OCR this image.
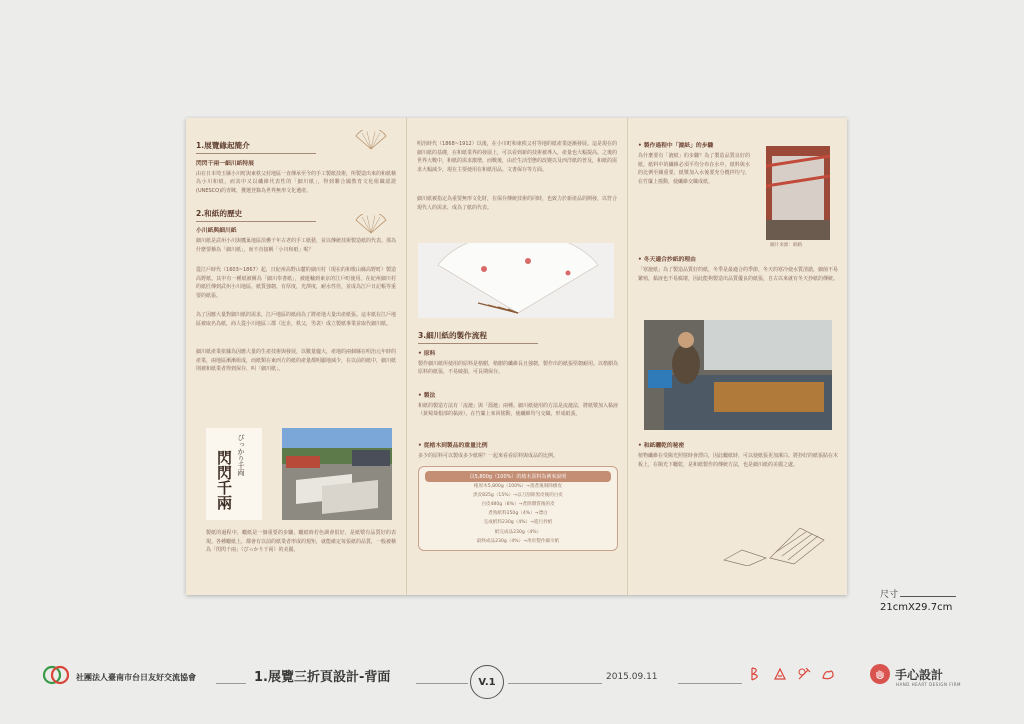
1.展覽緣起簡介
閃閃千兩一細川紙特展
由在日本埼玉縣小川町與東秩父村地區一直傳承至今的手工製紙技術，所製造出來的和紙稱為小川和紙，而其中又以纖維代表性的「細川紙」，得到聯合國教育文化組織認證(UNESCO)的青睞，獲選登錄為世界無形文化遺產。
2.和紙的歷史
小川紙與細川紙
細川紙是武州小川與鷹巢地區沿襲千年古老的手工紙藝，並以傳統技術製造紙的代表。那為什麼要稱為「細川紙」，而不直接稱「小川和紙」呢？
從江戶時代（1603~1867）起，日紀州高野山麓的細川村（現在的和歌山縣高野町）製造高野紙，其中有一種紙被稱為「細川奉書紙」，被運輸到東京的江戶町使用。在紀州細川村的紙匠傳到武州小川地區，紙質強韌，有厚度，光澤度，耐水性佳，並成為江戶日記帳等重要的紙張。
為了因應大量對細川紙的需求，江戶地區的紙商為了將產地大量出產紙張。這本紙在江戶地區被取名為紙，商人從小川地區三郡（比企，秩父，男衾）成立製紙事業並取代細川紙。
細川紙產業依據為因應大量的生產技術與發展，以數量龐大，產地的兩個縣在明治元年時的產業，兩地區漸漸組成，而紙類在東西方的紙的產量都明顯地減少，在以前的紙中，細川紙則被和紙業者得到保存，叫「細川紙」。
ぴっかり千両
閃閃千兩
製紙的過程中，曬紙是一個重要的步驟，曬紙時若色調會很好，是紙漿有品質好的表現。各種曬紙上，都會有以前的紙業者形成的規矩，就能確定每張紙的品質，一般被稱為「閃閃千兩」（ぴっかり千両）的美麗。
明治時代（1868~1912）以後，在小川町和東秩父村等地的紙產業逐漸發展。這是現在的細川紙的基礎，在和紙業界的發展上，可以看到新的技術被導入，產量也大幅提高。之後的世界大戰中，和紙的需求激增，而戰後，由於生活型態的改變以及西洋紙的普及，和紙的需求大幅減少，現在主要使用在和紙用品、文書保存等方面。
細川紙被指定為重要無形文化財，在保存傳統技術的同時，也致力於新產品的開發，以符合現代人的需求，成為了紙的代表。
3.細川紙的製作流程
• 原料
製作細川紙所使用的原料是楮樹，楮樹的纖維長且強韌，製作出的紙張堅韌耐用。以楮樹為原料的紙張，不易破損，可長期保存。
• 製法
和紙的製造方法有「流漉」與「溜漉」兩種。細川紙使用的方法是流漉法，將紙漿加入黏液（黃蜀葵根部的黏液），在竹簾上來回搖動，使纖維均勻交織，形成紙張。
• 從楮木到製品的重量比例
多少的原料可以製成多少紙呢？一起來看看原料與成品的比例。
以5,800g（100%）的楮木原料為例來說明
楮原木5,800g（100%）→蒸煮後剝除樹皮
黑皮825g（15%）→以刀刮除黑皮後的白皮
白皮480g（8%）→煮除雜質後的皮
煮熟紙料250g（4%）→漂白
完成紙料230g（4%）→進行抄紙
紙完成品230g（4%）
最終成品230g（4%）→用於製作細川紙
• 製作過程中「漉紙」的步驟
為什麼要有「漉紙」的步驟？為了製造品質良好的紙，紙料中的纖維必須平均分布在水中，紙料與水的比例至關重要，紙漿加入水後要充分攪拌均勻，在竹簾上搖動，使纖維交織成紙。
圖片來源：網路
• 冬天適合抄紙的理由
「寒漉紙」為了製造品質好的紙，冬季是最適合的季節，冬天的寒冷使水質清澈，細菌不易繁殖，黏液也不易腐壞，因此能夠製造出品質優良的紙張，自古以來就有冬天抄紙的傳統。
• 和紙曬乾的秘密
植物纖維在受陽光照射時會漂白，因此曬紙時，可以使紙張更加潔白。將抄好的紙張貼在木板上，在陽光下曬乾，是和紙製作的傳統方法，也是細川紙的美麗之處。
尺寸
21cmX29.7cm
社團法人臺南市台日友好交流協會	1.展覽三折頁設計-背面	V.1	2015.09.11	手心設計
HAND HEART DESIGN FIRM
